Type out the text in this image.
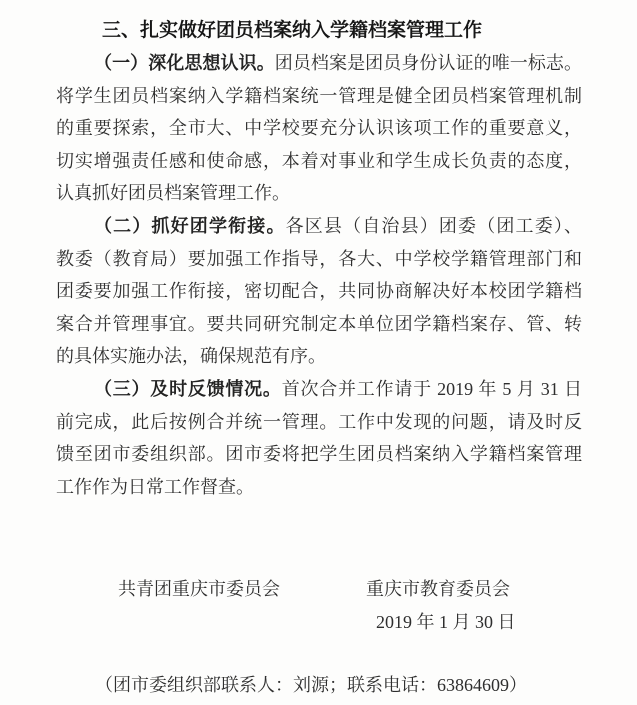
三、扎实做好团员档案纳入学籍档案管理工作
（一）深化思想认识。团员档案是团员身份认证的唯一标志。
将学生团员档案纳入学籍档案统一管理是健全团员档案管理机制
的重要探索，全市大、中学校要充分认识该项工作的重要意义，
切实增强责任感和使命感，本着对事业和学生成长负责的态度，
认真抓好团员档案管理工作。
（二）抓好团学衔接。各区县（自治县）团委（团工委）、
教委（教育局）要加强工作指导，各大、中学校学籍管理部门和
团委要加强工作衔接，密切配合，共同协商解决好本校团学籍档
案合并管理事宜。要共同研究制定本单位团学籍档案存、管、转
的具体实施办法，确保规范有序。
（三）及时反馈情况。首次合并工作请于 2019 年 5 月 31 日
前完成，此后按例合并统一管理。工作中发现的问题，请及时反
馈至团市委组织部。团市委将把学生团员档案纳入学籍档案管理
工作作为日常工作督查。
共青团重庆市委员会	重庆市教育委员会
2019 年 1 月 30 日
（团市委组织部联系人：刘源；联系电话：63864609）
